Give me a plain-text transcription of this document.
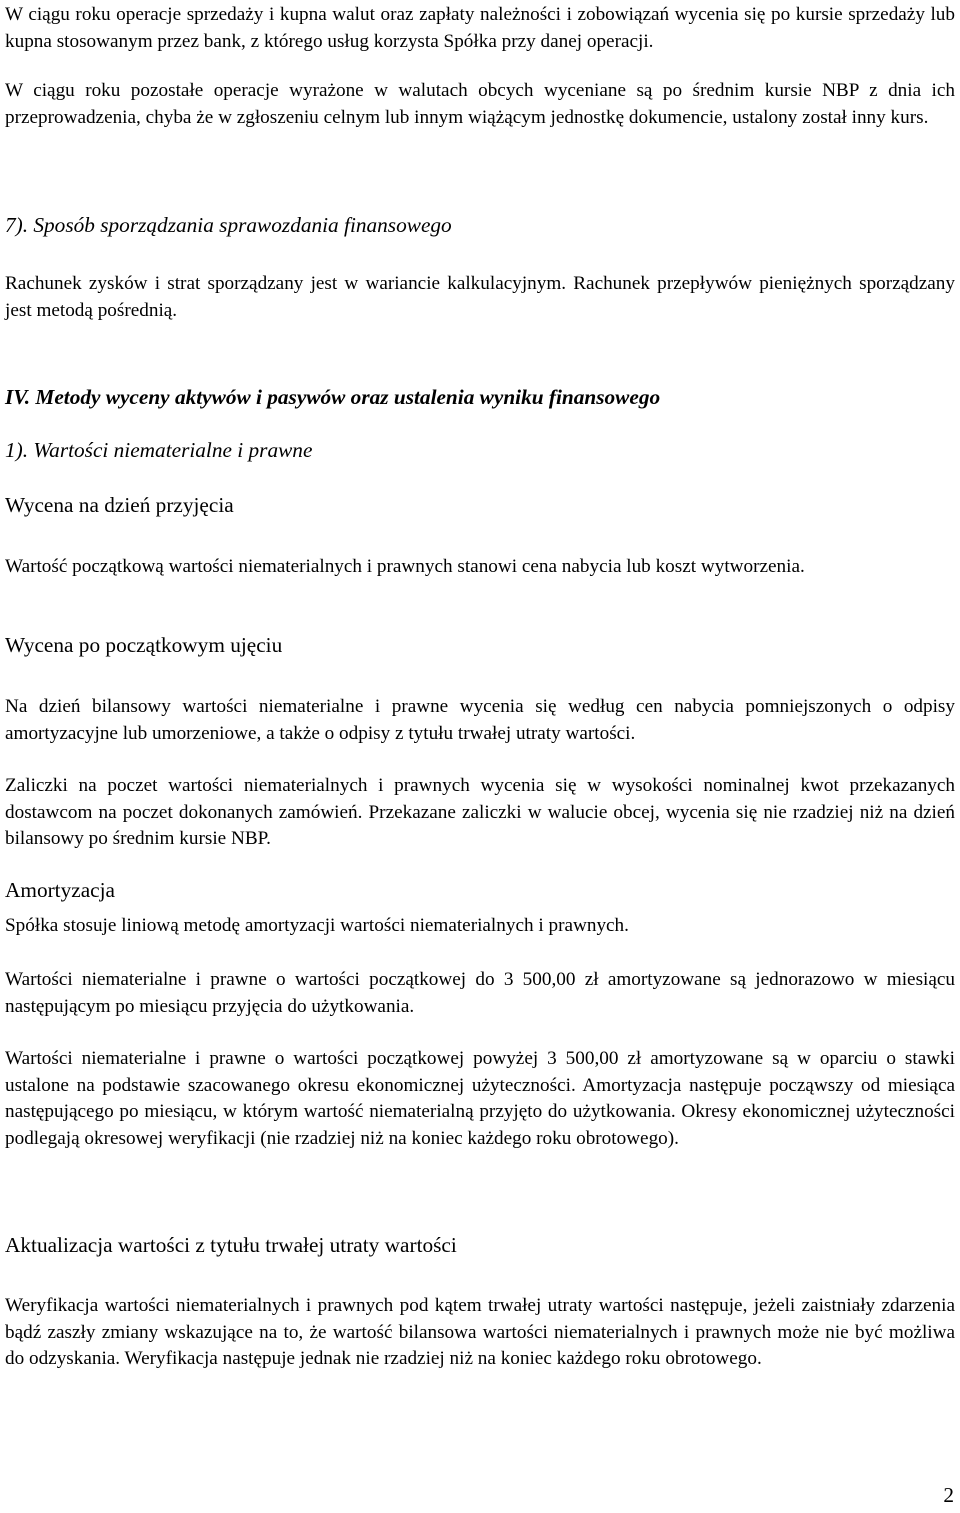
W ciągu roku operacje sprzedaży i kupna walut oraz zapłaty należności i zobowiązań wycenia się po kursie sprzedaży lub kupna stosowanym przez bank, z którego usług korzysta Spółka przy danej operacji.

W ciągu roku pozostałe operacje wyrażone w walutach obcych wyceniane są po średnim kursie NBP z dnia ich przeprowadzenia, chyba że w zgłoszeniu celnym lub innym wiążącym jednostkę dokumencie, ustalony został inny kurs.

7). Sposób sporządzania sprawozdania finansowego

Rachunek zysków i strat sporządzany jest w wariancie kalkulacyjnym. Rachunek przepływów pieniężnych sporządzany jest metodą pośrednią.

IV. Metody wyceny aktywów i pasywów oraz ustalenia wyniku finansowego
1). Wartości niematerialne i prawne
Wycena na dzień przyjęcia

Wartość początkową wartości niematerialnych i prawnych stanowi cena nabycia lub koszt wytworzenia.

Wycena po początkowym ujęciu

Na dzień bilansowy wartości niematerialne i prawne wycenia się według cen nabycia pomniejszonych o odpisy amortyzacyjne lub umorzeniowe, a także o odpisy z tytułu trwałej utraty wartości.

Zaliczki na poczet wartości niematerialnych i prawnych wycenia się w wysokości nominalnej kwot przekazanych dostawcom na poczet dokonanych zamówień. Przekazane zaliczki w walucie obcej, wycenia się nie rzadziej niż na dzień bilansowy po średnim kursie NBP.

Amortyzacja

Spółka stosuje liniową metodę amortyzacji wartości niematerialnych i prawnych.

Wartości niematerialne i prawne o wartości początkowej do 3 500,00 zł amortyzowane są jednorazowo w miesiącu następującym po miesiącu przyjęcia do użytkowania.

Wartości niematerialne i prawne o wartości początkowej powyżej 3 500,00 zł amortyzowane są w oparciu o stawki ustalone na podstawie szacowanego okresu ekonomicznej użyteczności. Amortyzacja następuje począwszy od miesiąca następującego po miesiącu, w którym wartość niematerialną przyjęto do użytkowania. Okresy ekonomicznej użyteczności podlegają okresowej weryfikacji (nie rzadziej niż na koniec każdego roku obrotowego).

Aktualizacja wartości z tytułu trwałej utraty wartości

Weryfikacja wartości niematerialnych i prawnych pod kątem trwałej utraty wartości następuje, jeżeli zaistniały zdarzenia bądź zaszły zmiany wskazujące na to, że wartość bilansowa wartości niematerialnych i prawnych może nie być możliwa do odzyskania. Weryfikacja następuje jednak nie rzadziej niż na koniec każdego roku obrotowego.

2
